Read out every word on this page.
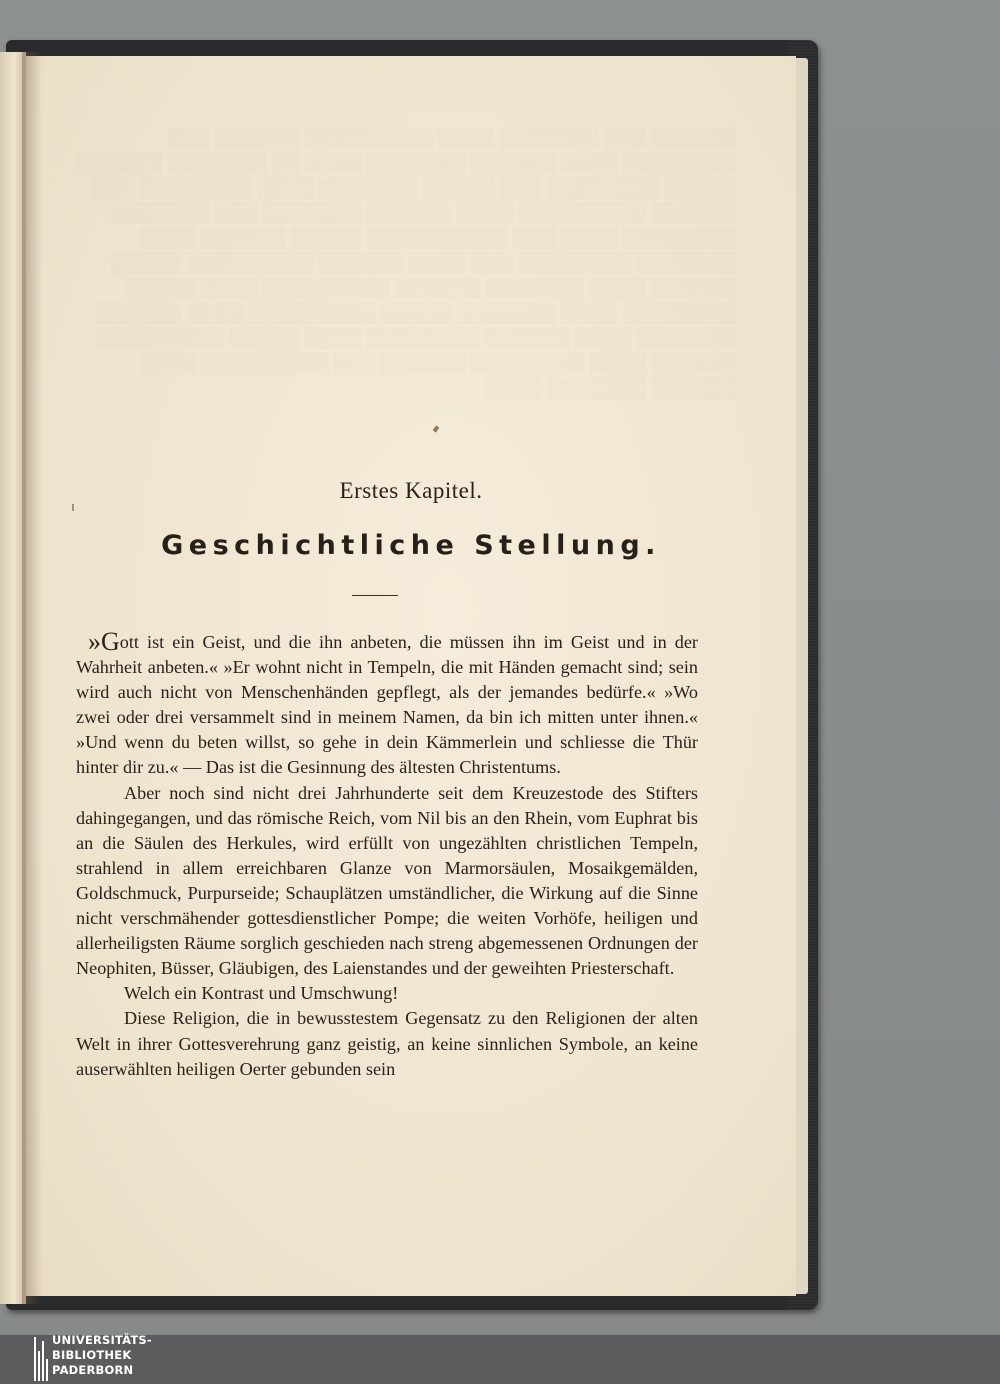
▒▒▒▒▒▒ ▒▒▒ ▒▒▒▒▒▒▒ ▒▒▒▒ ▒▒▒▒▒▒▒▒▒ ▒▒▒▒▒▒ ▒▒▒ ▒▒▒▒▒▒▒▒ ▒▒▒▒ ▒▒▒▒▒▒ ▒▒▒▒▒▒▒ ▒▒▒▒ ▒▒ ▒▒▒▒▒▒▒ ▒▒▒▒▒▒ ▒▒▒▒▒ ▒▒▒▒▒▒▒▒ ▒▒▒ ▒▒▒▒▒ ▒▒▒▒▒▒▒ ▒▒▒▒ ▒▒▒▒▒▒▒▒ ▒▒▒ ▒▒▒▒▒▒ ▒▒▒▒▒▒▒▒▒ ▒▒▒▒ ▒▒▒▒▒▒ ▒▒▒▒▒▒▒ ▒▒▒ ▒▒▒▒▒▒▒ ▒▒▒▒▒▒▒▒ ▒▒▒▒ ▒▒▒ ▒▒▒▒▒▒▒▒▒▒ ▒▒▒▒▒ ▒▒▒▒▒▒ ▒▒▒▒ ▒▒▒▒▒▒▒ ▒▒▒▒▒▒▒▒ ▒▒▒ ▒▒▒▒ ▒▒▒▒▒▒ ▒▒▒▒▒▒▒▒▒ ▒▒▒▒▒ ▒▒▒▒▒▒ ▒▒▒▒ ▒▒▒▒▒▒▒ ▒▒▒▒▒▒ ▒▒▒▒▒▒▒▒▒ ▒▒▒▒ ▒▒▒▒▒ ▒▒▒▒▒▒▒▒ ▒▒▒▒ ▒▒▒▒▒▒▒ ▒▒▒▒▒ ▒▒▒▒▒▒▒▒▒ ▒▒▒▒ ▒▒▒▒▒▒ ▒▒▒▒▒▒▒ ▒▒▒▒ ▒▒▒▒▒▒ ▒▒▒▒▒▒▒▒ ▒▒▒▒ ▒▒▒▒▒ ▒▒▒▒▒▒▒▒▒ ▒▒▒▒▒▒ ▒▒▒▒ ▒▒▒▒▒▒▒▒ ▒▒▒▒▒▒ ▒▒▒ ▒▒▒▒▒▒▒▒▒ ▒▒▒▒ ▒▒▒▒▒▒ ▒▒▒▒▒▒▒ ▒▒▒▒
Erstes Kapitel.
Geschichtliche Stellung.

»Gott ist ein Geist, und die ihn anbeten, die müssen ihn im Geist und in der Wahrheit anbeten.« »Er wohnt nicht in Tempeln, die mit Händen gemacht sind; sein wird auch nicht von Menschenhänden gepflegt, als der jemandes bedürfe.« »Wo zwei oder drei versammelt sind in meinem Namen, da bin ich mitten unter ihnen.« »Und wenn du beten willst, so gehe in dein Kämmerlein und schliesse die Thür hinter dir zu.« — Das ist die Gesinnung des ältesten Christentums.

Aber noch sind nicht drei Jahrhunderte seit dem Kreuzestode des Stifters dahingegangen, und das römische Reich, vom Nil bis an den Rhein, vom Euphrat bis an die Säulen des Herkules, wird erfüllt von ungezählten christlichen Tempeln, strahlend in allem erreichbaren Glanze von Marmorsäulen, Mosaikgemälden, Goldschmuck, Purpurseide; Schauplätzen umständlicher, die Wirkung auf die Sinne nicht verschmähender gottesdienstlicher Pompe; die weiten Vorhöfe, heiligen und allerheiligsten Räume sorglich geschieden nach streng abgemessenen Ordnungen der Neophiten, Büsser, Gläubigen, des Laienstandes und der geweihten Priesterschaft.

Welch ein Kontrast und Umschwung!

Diese Religion, die in bewusstestem Gegensatz zu den Religionen der alten Welt in ihrer Gottesverehrung ganz geistig, an keine sinnlichen Symbole, an keine auserwählten heiligen Oerter gebunden sein

UNIVERSITÄTS-
BIBLIOTHEK
PADERBORN
